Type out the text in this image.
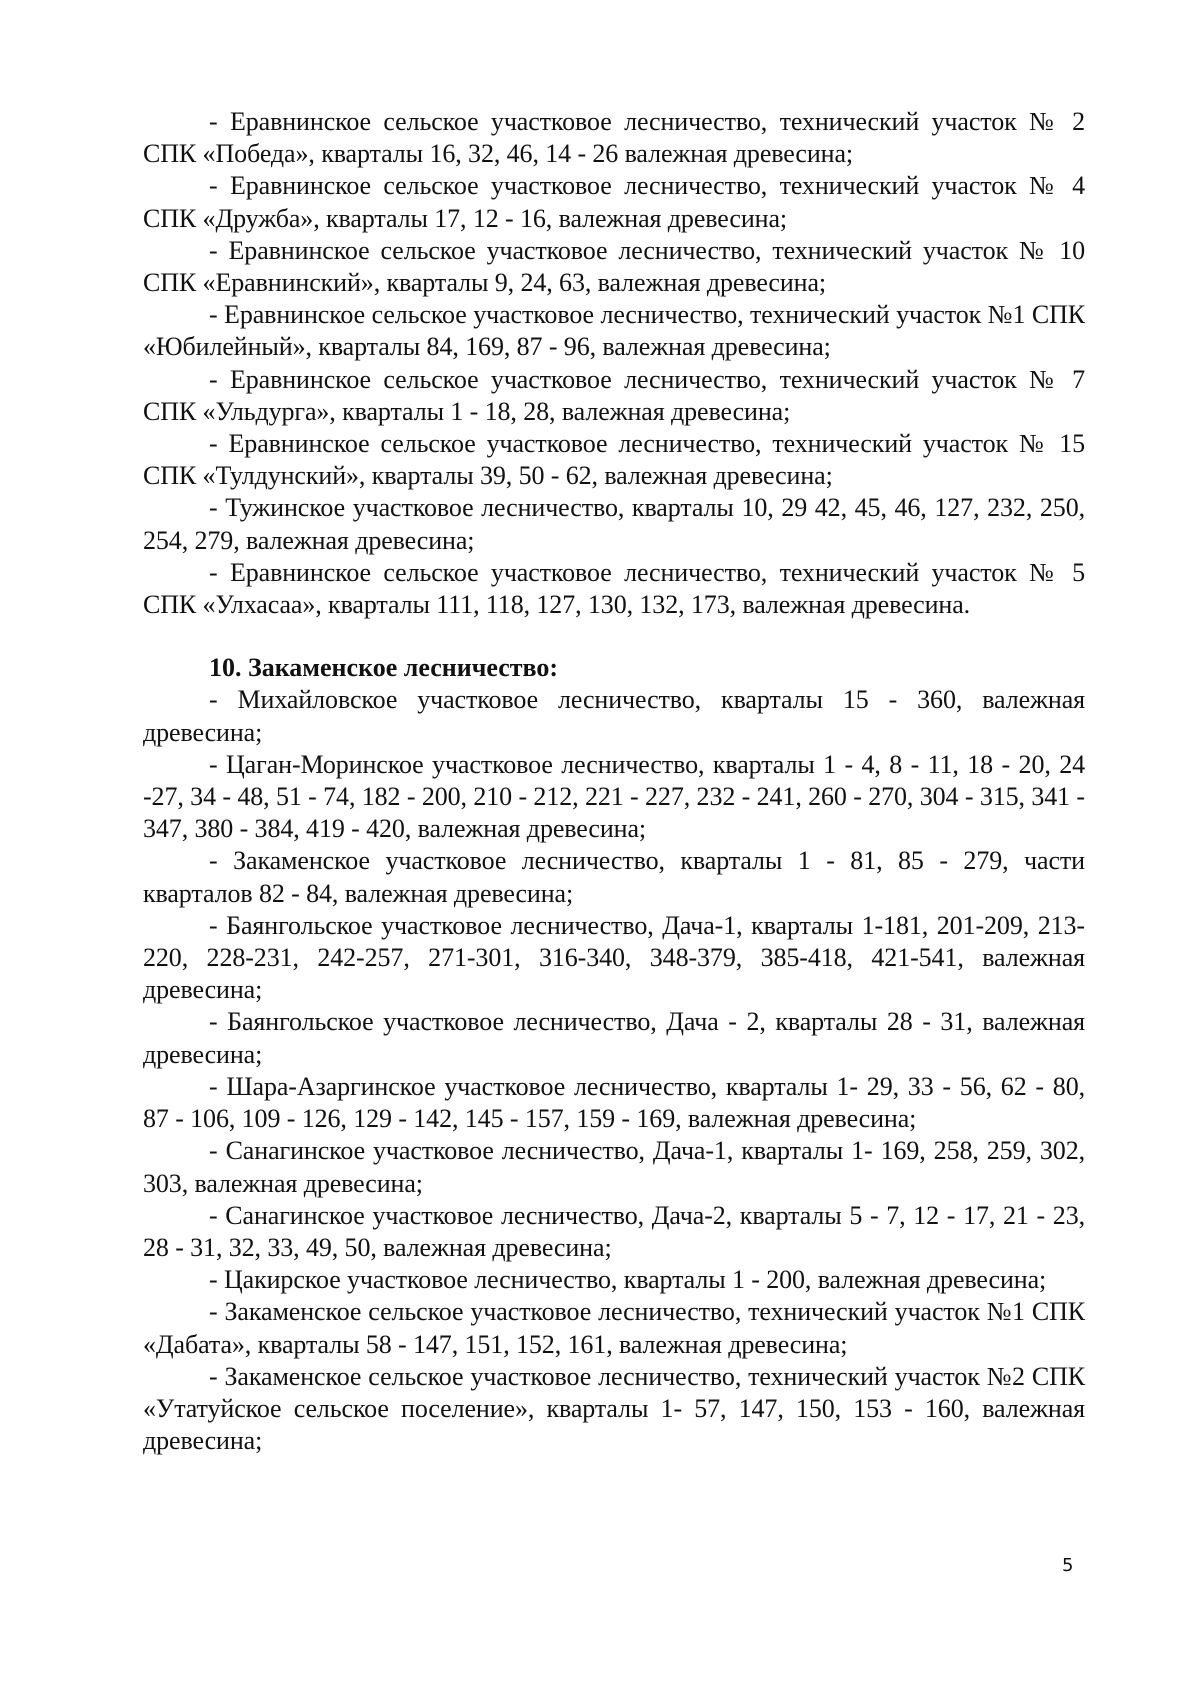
- Еравнинское сельское участковое лесничество, технический участок № 2 СПК «Победа», кварталы 16, 32, 46, 14 - 26 валежная древесина;

- Еравнинское сельское участковое лесничество, технический участок № 4 СПК «Дружба», кварталы 17, 12 - 16, валежная древесина;

- Еравнинское сельское участковое лесничество, технический участок № 10 СПК «Еравнинский», кварталы 9, 24, 63, валежная древесина;

- Еравнинское сельское участковое лесничество, технический участок №1 СПК «Юбилейный», кварталы 84, 169, 87 - 96, валежная древесина;

- Еравнинское сельское участковое лесничество, технический участок № 7 СПК «Ульдурга», кварталы 1 - 18, 28, валежная древесина;

- Еравнинское сельское участковое лесничество, технический участок № 15 СПК «Тулдунский», кварталы 39, 50 - 62, валежная древесина;

- Тужинское участковое лесничество, кварталы 10, 29 42, 45, 46, 127, 232, 250, 254, 279, валежная древесина;

- Еравнинское сельское участковое лесничество, технический участок № 5 СПК «Улхасаа», кварталы 111, 118, 127, 130, 132, 173, валежная древесина.

10. Закаменское лесничество:

- Михайловское участковое лесничество, кварталы 15 - 360, валежная древесина;

- Цаган-Моринское участковое лесничество, кварталы 1 - 4, 8 - 11, 18 - 20, 24 -27, 34 - 48, 51 - 74, 182 - 200, 210 - 212, 221 - 227, 232 - 241, 260 - 270, 304 - 315, 341 - 347, 380 - 384, 419 - 420, валежная древесина;

- Закаменское участковое лесничество, кварталы 1 - 81, 85 - 279, части кварталов 82 - 84, валежная древесина;

- Баянгольское участковое лесничество, Дача-1, кварталы 1-181, 201-209, 213-220, 228-231, 242-257, 271-301, 316-340, 348-379, 385-418, 421-541, валежная древесина;

- Баянгольское участковое лесничество, Дача - 2, кварталы 28 - 31, валежная древесина;

- Шара-Азаргинское участковое лесничество, кварталы 1- 29, 33 - 56, 62 - 80, 87 - 106, 109 - 126, 129 - 142, 145 - 157, 159 - 169, валежная древесина;

- Санагинское участковое лесничество, Дача-1, кварталы 1- 169, 258, 259, 302, 303, валежная древесина;

- Санагинское участковое лесничество, Дача-2, кварталы 5 - 7, 12 - 17, 21 - 23, 28 - 31, 32, 33, 49, 50, валежная древесина;

- Цакирское участковое лесничество, кварталы 1 - 200, валежная древесина;

- Закаменское сельское участковое лесничество, технический участок №1 СПК «Дабата», кварталы 58 - 147, 151, 152, 161, валежная древесина;

- Закаменское сельское участковое лесничество, технический участок №2 СПК «Утатуйское сельское поселение», кварталы 1- 57, 147, 150, 153 - 160, валежная древесина;

5
